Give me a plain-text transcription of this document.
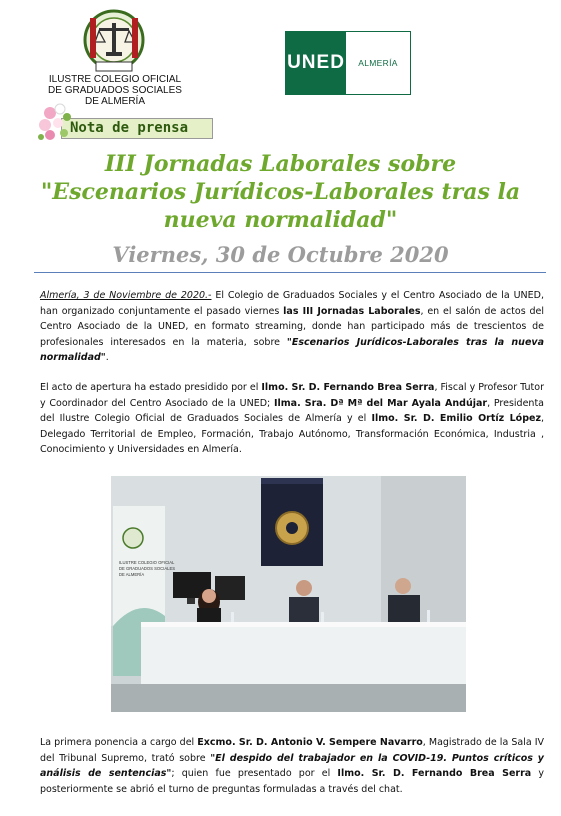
ILUSTRE COLEGIO OFICIAL
DE GRADUADOS SOCIALES
DE ALMERÍA
UNED	ALMERÍA
Nota de prensa
III Jornadas Laborales sobre
"Escenarios Jurídicos-Laborales tras la
nueva normalidad"
Viernes, 30 de Octubre 2020
Almería, 3 de Noviembre de 2020.- El Colegio de Graduados Sociales y el Centro Asociado de la UNED, han organizado conjuntamente el pasado viernes las III Jornadas Laborales, en el salón de actos del Centro Asociado de la UNED, en formato streaming, donde han participado más de trescientos de profesionales interesados en la materia, sobre "Escenarios Jurídicos-Laborales tras la nueva normalidad".
El acto de apertura ha estado presidido por el Ilmo. Sr. D. Fernando Brea Serra, Fiscal y Profesor Tutor y Coordinador del Centro Asociado de la UNED; Ilma. Sra. Dª Mª del Mar Ayala Andújar, Presidenta del Ilustre Colegio Oficial de Graduados Sociales de Almería y el Ilmo. Sr. D. Emilio Ortíz López, Delegado Territorial de Empleo, Formación, Trabajo Autónomo, Transformación Económica, Industria , Conocimiento y Universidades en Almería.
ILUSTRE COLEGIO OFICIAL
DE GRADUADOS SOCIALES
DE ALMERÍA
La primera ponencia a cargo del Excmo. Sr. D. Antonio V. Sempere Navarro, Magistrado de la Sala IV del Tribunal Supremo, trató sobre "El despido del trabajador en la COVID-19. Puntos críticos y análisis de sentencias"; quien fue presentado por el Ilmo. Sr. D. Fernando Brea Serra y posteriormente se abrió el turno de preguntas formuladas a través del chat.
